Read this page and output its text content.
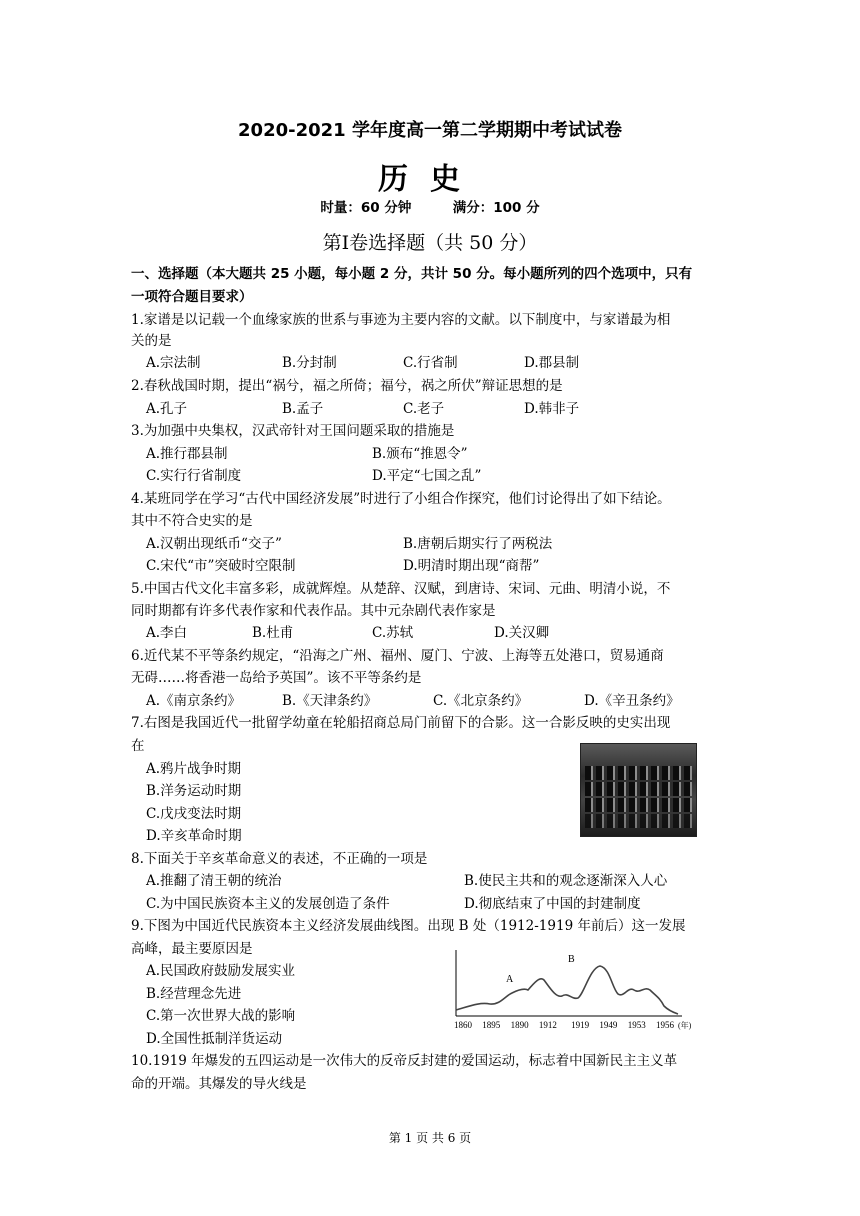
2020-2021 学年度高一第二学期期中考试试卷
历史
时量：60 分钟	满分：100 分
第Ⅰ卷选择题（共 50 分）
一、选择题（本大题共 25 小题，每小题 2 分，共计 50 分。每小题所列的四个选项中，只有
一项符合题目要求）
1.家谱是以记载一个血缘家族的世系与事迹为主要内容的文献。以下制度中，与家谱最为相
关的是
A.宗法制	B.分封制	C.行省制	D.郡县制
2.春秋战国时期，提出“祸兮，福之所倚；福兮，祸之所伏”辩证思想的是
A.孔子	B.孟子	C.老子	D.韩非子
3.为加强中央集权，汉武帝针对王国问题采取的措施是
A.推行郡县制	B.颁布“推恩令”
C.实行行省制度	D.平定“七国之乱”
4.某班同学在学习“古代中国经济发展”时进行了小组合作探究，他们讨论得出了如下结论。
其中不符合史实的是
A.汉朝出现纸币“交子”	B.唐朝后期实行了两税法
C.宋代“市”突破时空限制	D.明清时期出现“商帮”
5.中国古代文化丰富多彩，成就辉煌。从楚辞、汉赋，到唐诗、宋词、元曲、明清小说，不
同时期都有许多代表作家和代表作品。其中元杂剧代表作家是
A.李白	B.杜甫	C.苏轼	D.关汉卿
6.近代某不平等条约规定，“沿海之广州、福州、厦门、宁波、上海等五处港口，贸易通商
无碍……将香港一岛给予英国”。该不平等条约是
A.《南京条约》	B.《天津条约》	C.《北京条约》	D.《辛丑条约》
7.右图是我国近代一批留学幼童在轮船招商总局门前留下的合影。这一合影反映的史实出现
在
A.鸦片战争时期
B.洋务运动时期
C.戊戌变法时期
D.辛亥革命时期
8.下面关于辛亥革命意义的表述，不正确的一项是
A.推翻了清王朝的统治	B.使民主共和的观念逐渐深入人心
C.为中国民族资本主义的发展创造了条件	D.彻底结束了中国的封建制度
9.下图为中国近代民族资本主义经济发展曲线图。出现 B 处（1912-1919 年前后）这一发展
高峰，最主要原因是
A.民国政府鼓励发展实业
B.经营理念先进
C.第一次世界大战的影响
D.全国性抵制洋货运动
A
B
1860 1895 1890 1912 1919 1949 1953 1956 (年)
10.1919 年爆发的五四运动是一次伟大的反帝反封建的爱国运动，标志着中国新民主主义革
命的开端。其爆发的导火线是
第 1 页 共 6 页
